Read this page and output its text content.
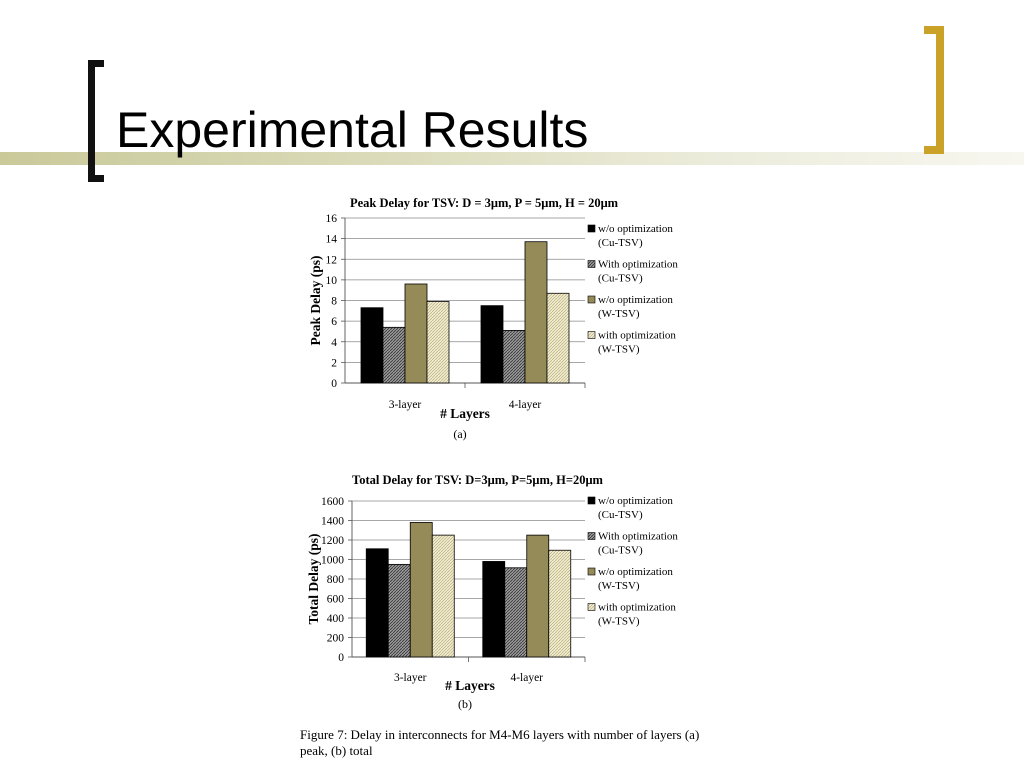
Experimental Results
Peak Delay for TSV: D = 3μm, P = 5μm, H = 20μm
0
2
4
6
8
10
12
14
16
3-layer	4-layer
# Layers
(a)
Peak Delay (ps)
w/o optimization
(Cu-TSV)
With optimization
(Cu-TSV)
w/o optimization
(W-TSV)
with optimization
(W-TSV)
Total Delay for TSV: D=3μm, P=5μm, H=20μm
0
200
400
600
800
1000
1200
1400
1600
3-layer	4-layer
# Layers
(b)
Total Delay (ps)
w/o optimization
(Cu-TSV)
With optimization
(Cu-TSV)
w/o optimization
(W-TSV)
with optimization
(W-TSV)
Figure 7: Delay in interconnects for M4-M6 layers with number of layers (a) peak, (b) total
